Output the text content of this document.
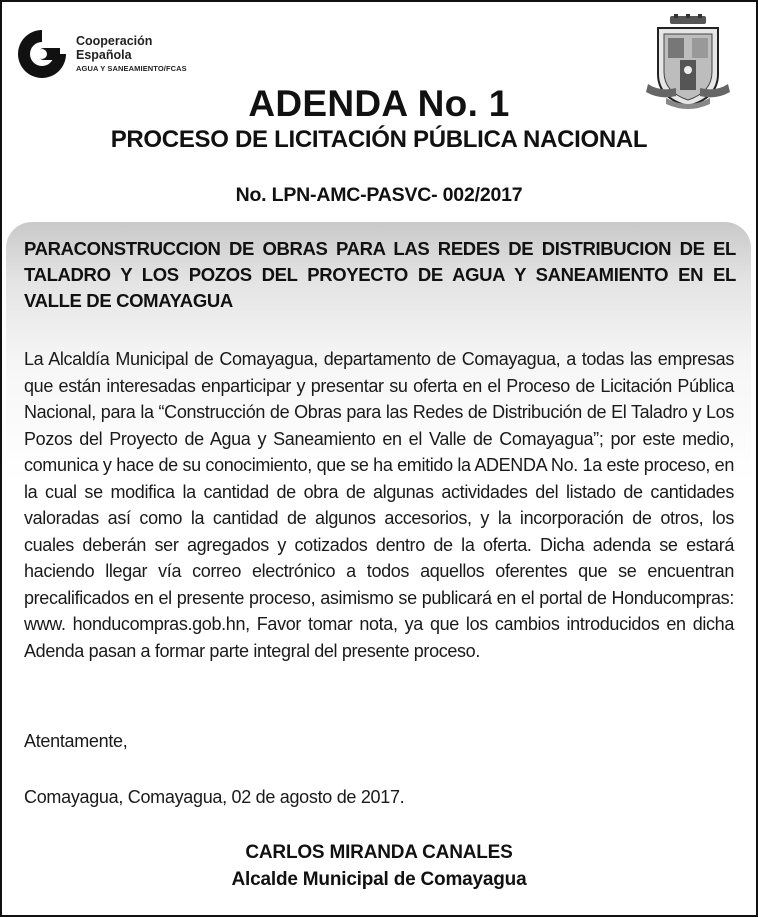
Cooperación
Española
AGUA Y SANEAMIENTO/FCAS
ADENDA No. 1
PROCESO DE LICITACIÓN PÚBLICA NACIONAL
No. LPN-AMC-PASVC- 002/2017
PARACONSTRUCCION DE OBRAS PARA LAS REDES DE DISTRIBUCION DE EL TALADRO Y LOS POZOS DEL PROYECTO DE AGUA Y SANEAMIENTO EN EL VALLE DE COMAYAGUA
La Alcaldía Municipal de Comayagua, departamento de Comayagua, a todas las empresas que están interesadas enparticipar y presentar su oferta en el Proceso de Licitación Pública Nacional, para la “Construcción de Obras para las Redes de Distribución de El Taladro y Los Pozos del Proyecto de Agua y Saneamiento en el Valle de Comayagua”; por este medio, comunica y hace de su conocimiento, que se ha emitido la ADENDA No. 1a este proceso, en la cual se modifica la cantidad de obra de algunas actividades del listado de cantidades valoradas así como la cantidad de algunos accesorios, y la incorporación de otros, los cuales deberán ser agregados y cotizados dentro de la oferta. Dicha adenda se estará haciendo llegar vía correo electrónico a todos aquellos oferentes que se encuentran precalificados en el presente proceso, asimismo se publicará en el portal de Honducompras: www. honducompras.gob.hn, Favor tomar nota, ya que los cambios introducidos en dicha Adenda pasan a formar parte integral del presente proceso.
Atentamente,
Comayagua, Comayagua, 02 de agosto de 2017.
CARLOS MIRANDA CANALES
Alcalde Municipal de Comayagua
